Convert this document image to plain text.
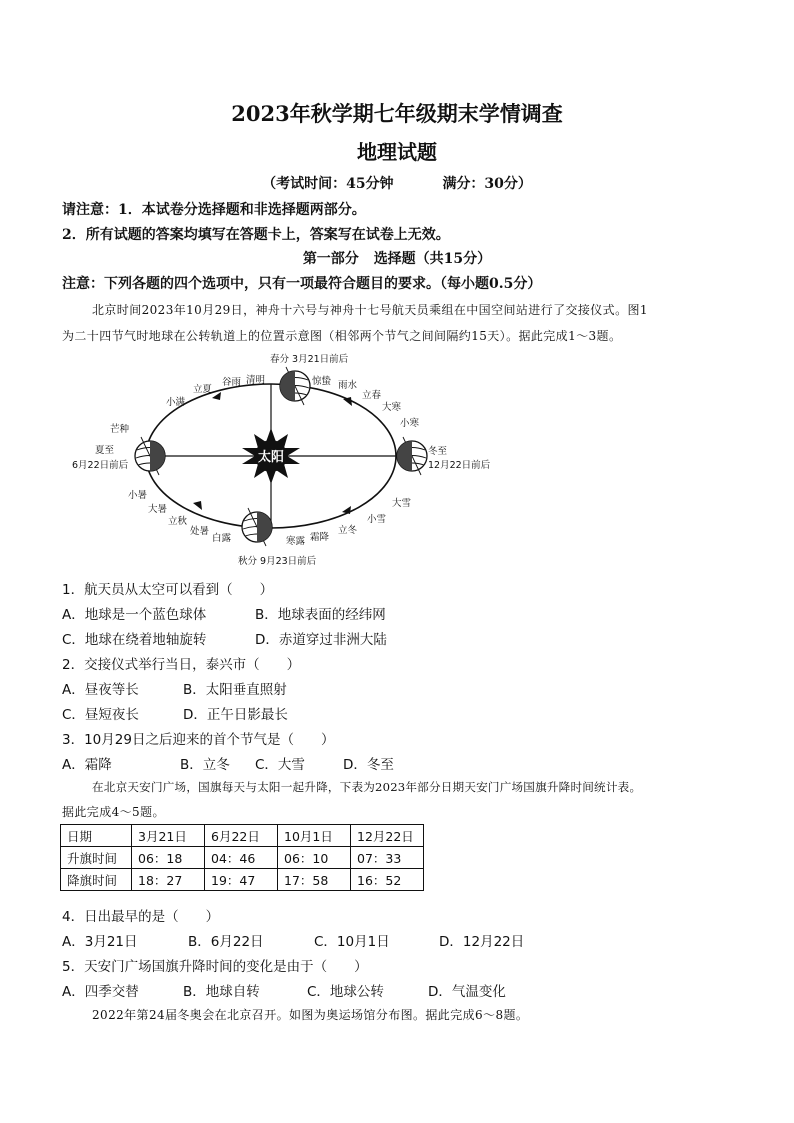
2023年秋学期七年级期末学情调查
地理试题
（考试时间：45分钟	满分：30分）
请注意：1．本试卷分选择题和非选择题两部分。
2．所有试题的答案均填写在答题卡上，答案写在试卷上无效。
第一部分 选择题（共15分）
注意：下列各题的四个选项中，只有一项最符合题目的要求。（每小题0.5分）
北京时间2023年10月29日，神舟十六号与神舟十七号航天员乘组在中国空间站进行了交接仪式。图1
为二十四节气时地球在公转轨道上的位置示意图（相邻两个节气之间间隔约15天）。据此完成1～3题。
太阳
春分 3月21日前后
清明
谷雨
立夏
小满
芒种
夏至
6月22日前后
小暑
大暑
立秋
处暑
白露
秋分 9月23日前后
寒露 霜降
立冬
小雪
大雪
冬至
12月22日前后
小寒
大寒
立春
雨水
惊蛰
1．航天员从太空可以看到（　　）
A．地球是一个蓝色球体	B．地球表面的经纬网
C．地球在绕着地轴旋转	D．赤道穿过非洲大陆
2．交接仪式举行当日，泰兴市（　　）
A．昼夜等长	B．太阳垂直照射
C．昼短夜长	D．正午日影最长
3．10月29日之后迎来的首个节气是（　　）
A．霜降	B．立冬 C．大雪	D．冬至
在北京天安门广场，国旗每天与太阳一起升降，下表为2023年部分日期天安门广场国旗升降时间统计表。
据此完成4～5题。
日期	3月21日	6月22日	10月1日	12月22日
升旗时间	06：18	04：46	06：10	07：33
降旗时间	18：27	19：47	17：58	16：52
4．日出最早的是（　　）
A．3月21日	B．6月22日	C．10月1日	D．12月22日
5．天安门广场国旗升降时间的变化是由于（　　）
A．四季交替	B．地球自转	C．地球公转	D．气温变化
2022年第24届冬奥会在北京召开。如图为奥运场馆分布图。据此完成6～8题。
